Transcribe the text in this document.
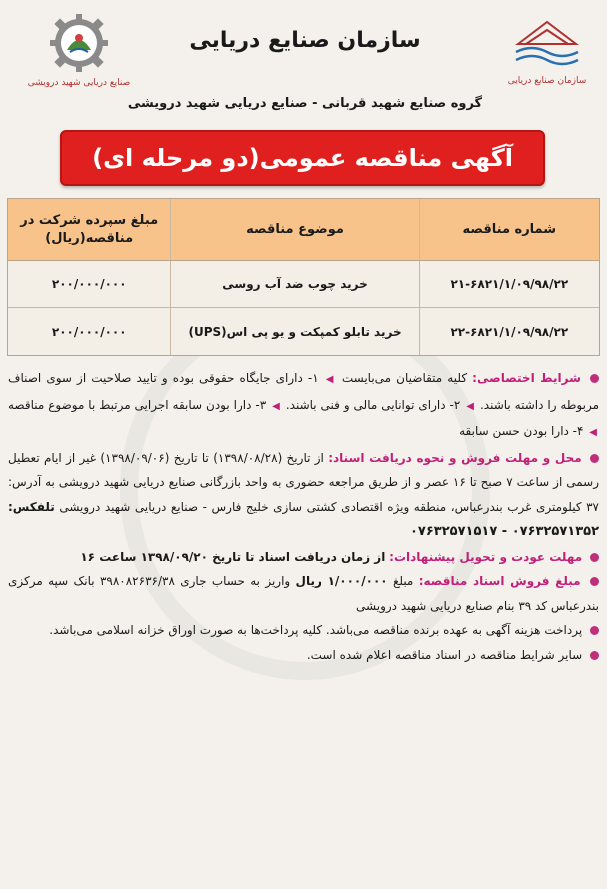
صنایع دریایی شهید درویشی
سازمان صنایع دریایی
سازمان صنایع دریایی
گروه صنایع شهید قربانی - صنایع دریایی شهید درویشی
آگهی مناقصه عمومی(دو مرحله ای)
شماره مناقصه
موضوع مناقصه
مبلغ سپرده شرکت در مناقصه(ریال)
۲۱-۶۸۲۱/۱/۰۹/۹۸/۲۲
خرید چوب ضد آب روسی
۲۰۰/۰۰۰/۰۰۰
۲۲-۶۸۲۱/۱/۰۹/۹۸/۲۲
خرید تابلو کمپکت و یو پی اس(UPS)
۲۰۰/۰۰۰/۰۰۰

شرایط اختصاصی: کلیه متقاضیان می‌بایست ◀ ۱- دارای جایگاه حقوقی بوده و تایید صلاحیت از سوی اصناف مربوطه را داشته باشند. ◀ ۲- دارای توانایی مالی و فنی باشند. ◀ ۳- دارا بودن سابقه اجرایی مرتبط با موضوع مناقصه ◀ ۴- دارا بودن حسن سابقه

محل و مهلت فروش و نحوه دریافت اسناد: از تاریخ (۱۳۹۸/۰۸/۲۸) تا تاریخ (۱۳۹۸/۰۹/۰۶) غیر از ایام تعطیل رسمی از ساعت ۷ صبح تا ۱۶ عصر و از طریق مراجعه حضوری به واحد بازرگانی صنایع دریایی شهید درویشی به آدرس: ۳۷ کیلومتری غرب بندرعباس، منطقه ویژه اقتصادی کشتی سازی خلیج فارس - صنایع دریایی شهید درویشی تلفکس: ۰۷۶۳۲۵۷۱۳۵۲ - ۰۷۶۳۲۵۷۱۵۱۷

مهلت عودت و تحویل پیشنهادات: از زمان دریافت اسناد تا تاریخ ۱۳۹۸/۰۹/۲۰ ساعت ۱۶

مبلغ فروش اسناد مناقصه: مبلغ ۱/۰۰۰/۰۰۰ ریال واریز به حساب جاری ۳۹۸۰۸۲۶۳۶/۳۸ بانک سپه مرکزی بندرعباس کد ۳۹ بنام صنایع دریایی شهید درویشی

پرداخت هزینه آگهی به عهده برنده مناقصه می‌باشد. کلیه پرداخت‌ها به صورت اوراق خزانه اسلامی می‌باشد.

سایر شرایط مناقصه در اسناد مناقصه اعلام شده است.
